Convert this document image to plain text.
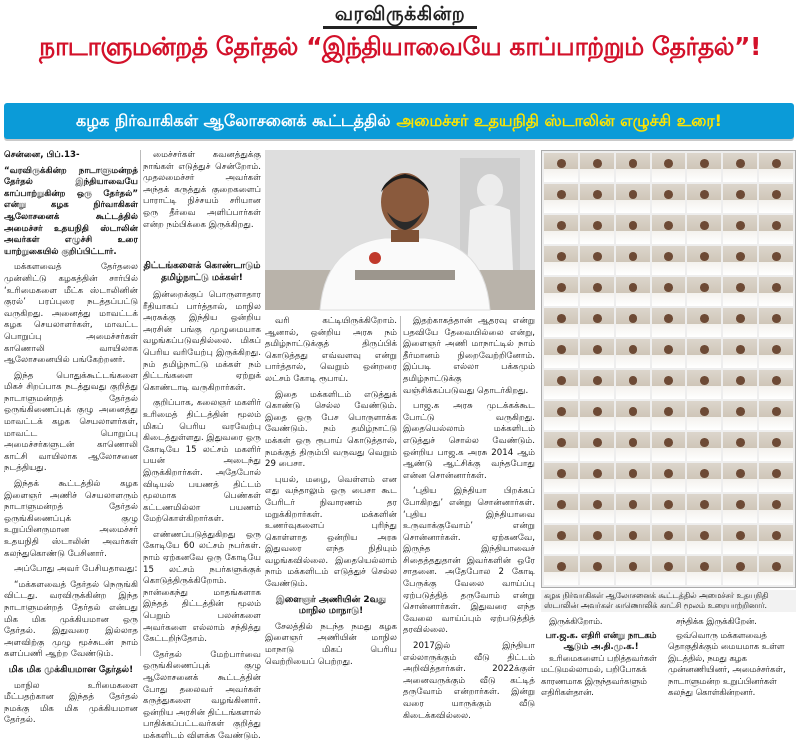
வரவிருக்கின்ற
நாடாளுமன்றத் தேர்தல் “இந்தியாவையே காப்பாற்றும் தேர்தல்”!
கழக நிர்வாகிகள் ஆலோசனைக் கூட்டத்தில் அமைச்சர் உதயநிதி ஸ்டாலின் எழுச்சி உரை!

சென்னை, பிப்.13-

“வரவிருக்கின்ற நாடாளுமன்றத் தேர்தல் இந்தியாவையே காப்பாற்றுகின்ற ஒரு தேர்தல்” என்று கழக நிர்வாகிகள் ஆலோசனைக் கூட்டத்தில் அமைச்சர் உதயநிதி ஸ்டாலின் அவர்கள் எழுச்சி உரை யாற்றுகையில் குறிப்பிட்டார்.

மக்களவைத் தேர்தலை முன்னிட்டு கழகத்தின் சார்பில் ‘உரிமைகளை மீட்க ஸ்டாலினின் குரல்’ பரப்புரை நடத்தப்பட்டு வருகிறது. அனைத்து மாவட்டக் கழக செயலாளர்கள், மாவட்ட பொறுப்பு அமைச்சர்கள் காணொலி வாயிலாக ஆலோசனையில் பங்கேற்றனர்.

இந்த பொதுக்கூட்டங்களை மிகச் சிறப்பாக நடத்துவது குறித்து நாடாளுமன்றத் தேர்தல் ஒருங்கிணைப்புக் குழு அனைத்து மாவட்டக் கழக செயலாளர்கள், மாவட்ட பொறுப்பு அமைச்சர்களுடன் காணொலி காட்சி வாயிலாக ஆலோசனை நடத்தியது.

இந்தக் கூட்டத்தில் கழக இளைஞர் அணிச் செயலாளரும் நாடாளுமன்றத் தேர்தல் ஒருங்கிணைப்புக் குழு உறுப்பினருமான அமைச்சர் உதயநிதி ஸ்டாலின் அவர்கள் கலந்துகொண்டு பேசினார்.

அப்போது அவர் பேசியதாவது:

“மக்களவைத் தேர்தல் நெருங்கி விட்டது. வரவிருக்கின்ற இந்த நாடாளுமன்றத் தேர்தல் என்பது மிக மிக முக்கியமான ஒரு தேர்தல். இதுவரை இல்லாத அளவிற்கு முழு மூச்சுடன் நாம் களப்பணி ஆற்ற வேண்டும்.

மிக மிக முக்கியமான தேர்தல்!

மாநில உரிமைகளை மீட்பதற்கான இந்தத் தேர்தல் நமக்கு மிக மிக முக்கியமான தேர்தல்.

மைச்சர்கள் கவனத்துக்கு நாங்கள் எடுத்துச் சென்றோம். முதலமைச்சர் அவர்கள் அந்தக் கருத்துக் குறைகளைப் பாராட்டி நிச்சயம் சரியான ஒரு தீர்வை அளிப்பார்கள் என்ற நம்பிக்கை இருக்கிறது.

திட்டங்களைக் கொண்டாடும் தமிழ்நாட்டு மக்கள்!

இன்றைக்குப் பொருளாதார ரீதியாகப் பார்த்தால், மாநில அரசுக்கு இந்திய ஒன்றிய அரசின் பங்கு முழுமையாக வழங்கப்படுவதில்லை. மிகப் பெரிய வரியேற்பு இருக்கிறது. நம் தமிழ்நாட்டு மக்கள் நம் திட்டங்களை ஏற்றுக் கொண்டாடி வருகிறார்கள்.

குறிப்பாக, கலைஞர் மகளிர் உரிமைத் திட்டத்தின் மூலம் மிகப் பெரிய வரவேற்பு கிடைத்துள்ளது. இதுவரை ஒரு கோடியே 15 லட்சம் மகளிர் பயன் அடைந்து இருக்கிறார்கள். அதேபோல் விடியல் பயணத் திட்டம் மூலமாக பெண்கள் கட்டணமில்லா பயணம் மேற்கொள்கிறார்கள்.

எண்ணப்படுத்துகிறது ஒரு கோடியே 60 லட்சம் நபர்கள். நாம் ஏற்கனவே ஒரு கோடியே 15 லட்சம் நபர்களுக்குக் கொடுத்திருக்கிறோம். நான்கைந்து மாதங்களாக இந்தத் திட்டத்தின் மூலம் பெறும் பலன்களை அவர்களை எல்லாம் சந்தித்து கேட்டறிந்தோம்.

தேர்தல் மேற்பார்வை ஒருங்கிணைப்புக் குழு ஆலோசனைக் கூட்டத்தின் போது தலைவர் அவர்கள் கருத்துகளை வழங்கினார். ஒன்றிய அரசின் திட்டங்களால் பாதிக்கப்பட்டவர்கள் குறித்து மக்களிடம் விளக்க வேண்டும்.

வரி கட்டியிருக்கிறோம். ஆனால், ஒன்றிய அரசு நம் தமிழ்நாட்டுக்குத் திருப்பிக் கொடுத்தது எவ்வளவு என்று பார்த்தால், வெறும் ஒன்றரை லட்சம் கோடி ரூபாய்.

இதை மக்களிடம் எடுத்துக் கொண்டு செல்ல வேண்டும். இதை ஒரு பேச பொருளாக்க வேண்டும். நம் தமிழ்நாட்டு மக்கள் ஒரு ரூபாய் கொடுத்தால், நமக்குத் திரும்பி வருவது வெறும் 29 பைசா.

புயல், மழை, வெள்ளம் என எது வந்தாலும் ஒரு பைசா கூட பேரிடர் நிவாரணம் தர மறுக்கிறார்கள். மக்களின் உணர்வுகளைப் புரிந்து கொள்ளாத ஒன்றிய அரசு இதுவரை எந்த நிதியும் வழங்கவில்லை. இதையெல்லாம் நாம் மக்களிடம் எடுத்துச் செல்ல வேண்டும்.

இளைஞர் அணியின் 2வது மாநில மாநாடு!

சேலத்தில் நடந்த நமது கழக இளைஞர் அணியின் மாநில மாநாடு மிகப் பெரிய வெற்றியைப் பெற்றது.

இதற்காகத்தான் ஆதரவு என்று பதவியே தேவையில்லை என்று, இளைஞர் அணி மாநாட்டில் நாம் தீர்மானம் நிறைவேற்றினோம். இப்படி எல்லா பக்கமும் தமிழ்நாட்டுக்கு வஞ்சிக்கப்படுவது தொடர்கிறது.

பாஜ.க அரசு முடக்கக்கூட போட்டு வருகிறது. இதையெல்லாம் மக்களிடம் எடுத்துச் சொல்ல வேண்டும். ஒன்றிய பாஜ.க அரசு 2014 ஆம் ஆண்டு ஆட்சிக்கு வந்தபோது என்ன சொன்னார்கள்.

‘புதிய இந்தியா பிறக்கப் போகிறது’ என்று சொன்னார்கள். ‘புதிய இந்தியாவை உருவாக்குவோம்’ என்று சொன்னார்கள். ஏற்கனவே, இருந்த இந்தியாவைச் சிதைத்ததுதான் இவர்களின் ஒரே சாதனை. அதேபோல 2 கோடி பேருக்கு வேலை வாய்ப்பு ஏற்படுத்தித் தருவோம் என்று சொன்னார்கள். இதுவரை எந்த வேலை வாய்ப்பும் ஏற்படுத்தித் தரவில்லை.

2017இல் இந்தியா எல்லாருக்கும் வீடு திட்டம் அறிவித்தார்கள். 2022க்குள் அனைவருக்கும் வீடு கட்டித் தருவோம் என்றார்கள். இன்று வரை யாருக்கும் வீடு கிடைக்கவில்லை.

கழக நிர்வாகிகள் ஆலோசனைக் கூட்டத்தில் அமைச்சர் உதயநிதி ஸ்டாலின் அவர்கள் காணொலிக் காட்சி மூலம் உரையாற்றினார்.

இருக்கிறோம்.

பா.ஜ.க. எதிரி என்று நாடகம் ஆடும் அ.தி.மு.க.!

உரிமைகளைப் பறித்தவர்கள் மட்டுமல்லாமல், பறிபோகக் காரணமாக இருந்தவர்களும் எதிரிகள்தான்.

சந்திக்க இருக்கிறேன்.

ஒவ்வொரு மக்களவைத் தொகுதிக்கும் மையமாக உள்ள இடத்தில், நமது கழக முன்னணியினர், அமைச்சர்கள், நாடாளுமன்ற உறுப்பினர்கள் கலந்து கொள்கின்றனர்.
